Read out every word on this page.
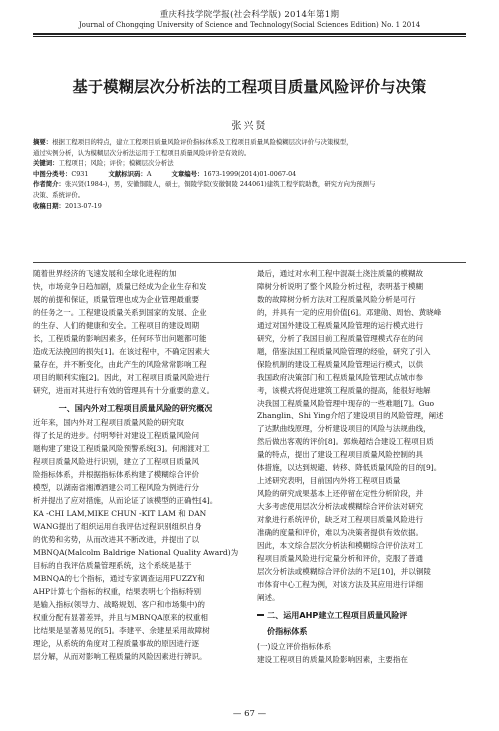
重庆科技学院学报(社会科学版) 2014年第1期
Journal of Chongqing University of Science and Technology(Social Sciences Edition) No. 1 2014
基于模糊层次分析法的工程项目质量风险评价与决策
张兴贤
摘要：根据工程项目的特点，建立工程项目质量风险评价指标体系及工程项目质量风险模糊层次评价与决策模型，
通过实例分析，认为模糊层次分析法运用于工程项目质量风险评价是有效的。
关键词：工程项目；风险；评价；模糊层次分析法
中图分类号：C931	文献标识码：A	文章编号：1673-1999(2014)01-0067-04
作者简介：张兴贤(1984-)，男，安徽铜陵人，硕士，铜陵学院(安徽铜陵 244061)建筑工程学院助教，研究方向为预测与
决策、系统评价。
收稿日期：2013-07-19
随着世界经济的飞速发展和全球化进程的加
快，市场竞争日趋加剧，质量已经成为企业生存和发
展的前提和保证，质量管理也成为企业管理最重要
的任务之一。工程建设质量关系到国家的发展、企业
的生存、人们的健康和安全。工程项目的建设周期
长，工程质量的影响因素多，任何环节出问题都可能
造成无法挽回的损失[1]。在该过程中，不确定因素大
量存在，并不断变化，由此产生的风险常常影响工程
项目的顺利实施[2]。因此，对工程项目质量风险进行
研究，进而对其进行有效的管理具有十分重要的意义。
一、国内外对工程项目质量风险的研究概况
近年来，国内外对工程项目质量风险的研究取
得了长足的进步。付明琴针对建设工程质量风险问
题构建了建设工程质量风险预警系统[3]。何湘渡对工
程项目质量风险进行识别，建立了工程项目质量风
险指标体系，并根据指标体系构建了模糊综合评价
模型，以湖南省湘潭酒建公司工程风险为例进行分
析并提出了应对措施，从而论证了该模型的正确性[4]。
KA -CHI LAM,MIKE CHUN -KIT LAM 和 DAN
WANG提出了组织运用自我评估过程识别组织自身
的优势和劣势，从而改进其不断改进，并提出了以
MBNQA(Malcolm Baldrige National Quality Award)为
目标的自我评估质量管理系统，这个系统是基于
MBNQA的七个指标，通过专家调查运用FUZZY和
AHP计算七个指标的权重，结果表明七个指标特别
是输入指标(领导力、战略规划、客户和市场集中)的
权重分配有显著差异，并且与MBNQA原来的权重相
比结果是显著易见的[5]。李建平、余建星采用故障树
理论，从系统的角度对工程质量事故的原因进行逐
层分解，从而对影响工程质量的风险因素进行辨识。
最后，通过对水利工程中混凝土浇注质量的模糊故
障树分析说明了整个风险分析过程，表明基于模糊
数的故障树分析方法对工程质量风险分析是可行
的，并具有一定的应用价值[6]。邓建勋、周怡、黄晓峰
通过对国外建设工程质量风险管理的运行模式进行
研究，分析了我国目前工程质量管理模式存在的问
题，借鉴法国工程质量风险管理的经验，研究了引入
保险机制的建设工程质量风险管理运行模式，以供
我国政府决策部门和工程质量风险管理试点城市参
考，该模式将促进建筑工程质量的提高，能很好地解
决我国工程质量风险管理中现存的一些难题[7]。Guo
Zhanglin、Shi Ying介绍了建设项目的风险管理，阐述
了达默曲线原理，分析建设项目的风险与法规曲线，
然后做出客观的评价[8]。郭焕超结合建设工程项目质
量的特点，提出了建设工程项目质量风险控制的具
体措施，以达到规避、转移、降低质量风险的目的[9]。
上述研究表明，目前国内外将工程项目质量
风险的研究成果基本上还停留在定性分析阶段，并
大多考虑使用层次分析法或模糊综合评价法对研究
对象进行系统评价，缺乏对工程项目质量风险进行
准确的度量和评价，难以为决策者提供有效依据。
因此，本文综合层次分析法和模糊综合评价法对工
程项目质量风险进行定量分析和评价，克服了普通
层次分析法或模糊综合评价法的不足[10]，并以铜陵
市体育中心工程为例，对该方法及其应用进行详细
阐述。
二、运用AHP建立工程项目质量风险评
价指标体系
(一)设立评价指标体系
建设工程项目的质量风险影响因素，主要指在
— 67 —
